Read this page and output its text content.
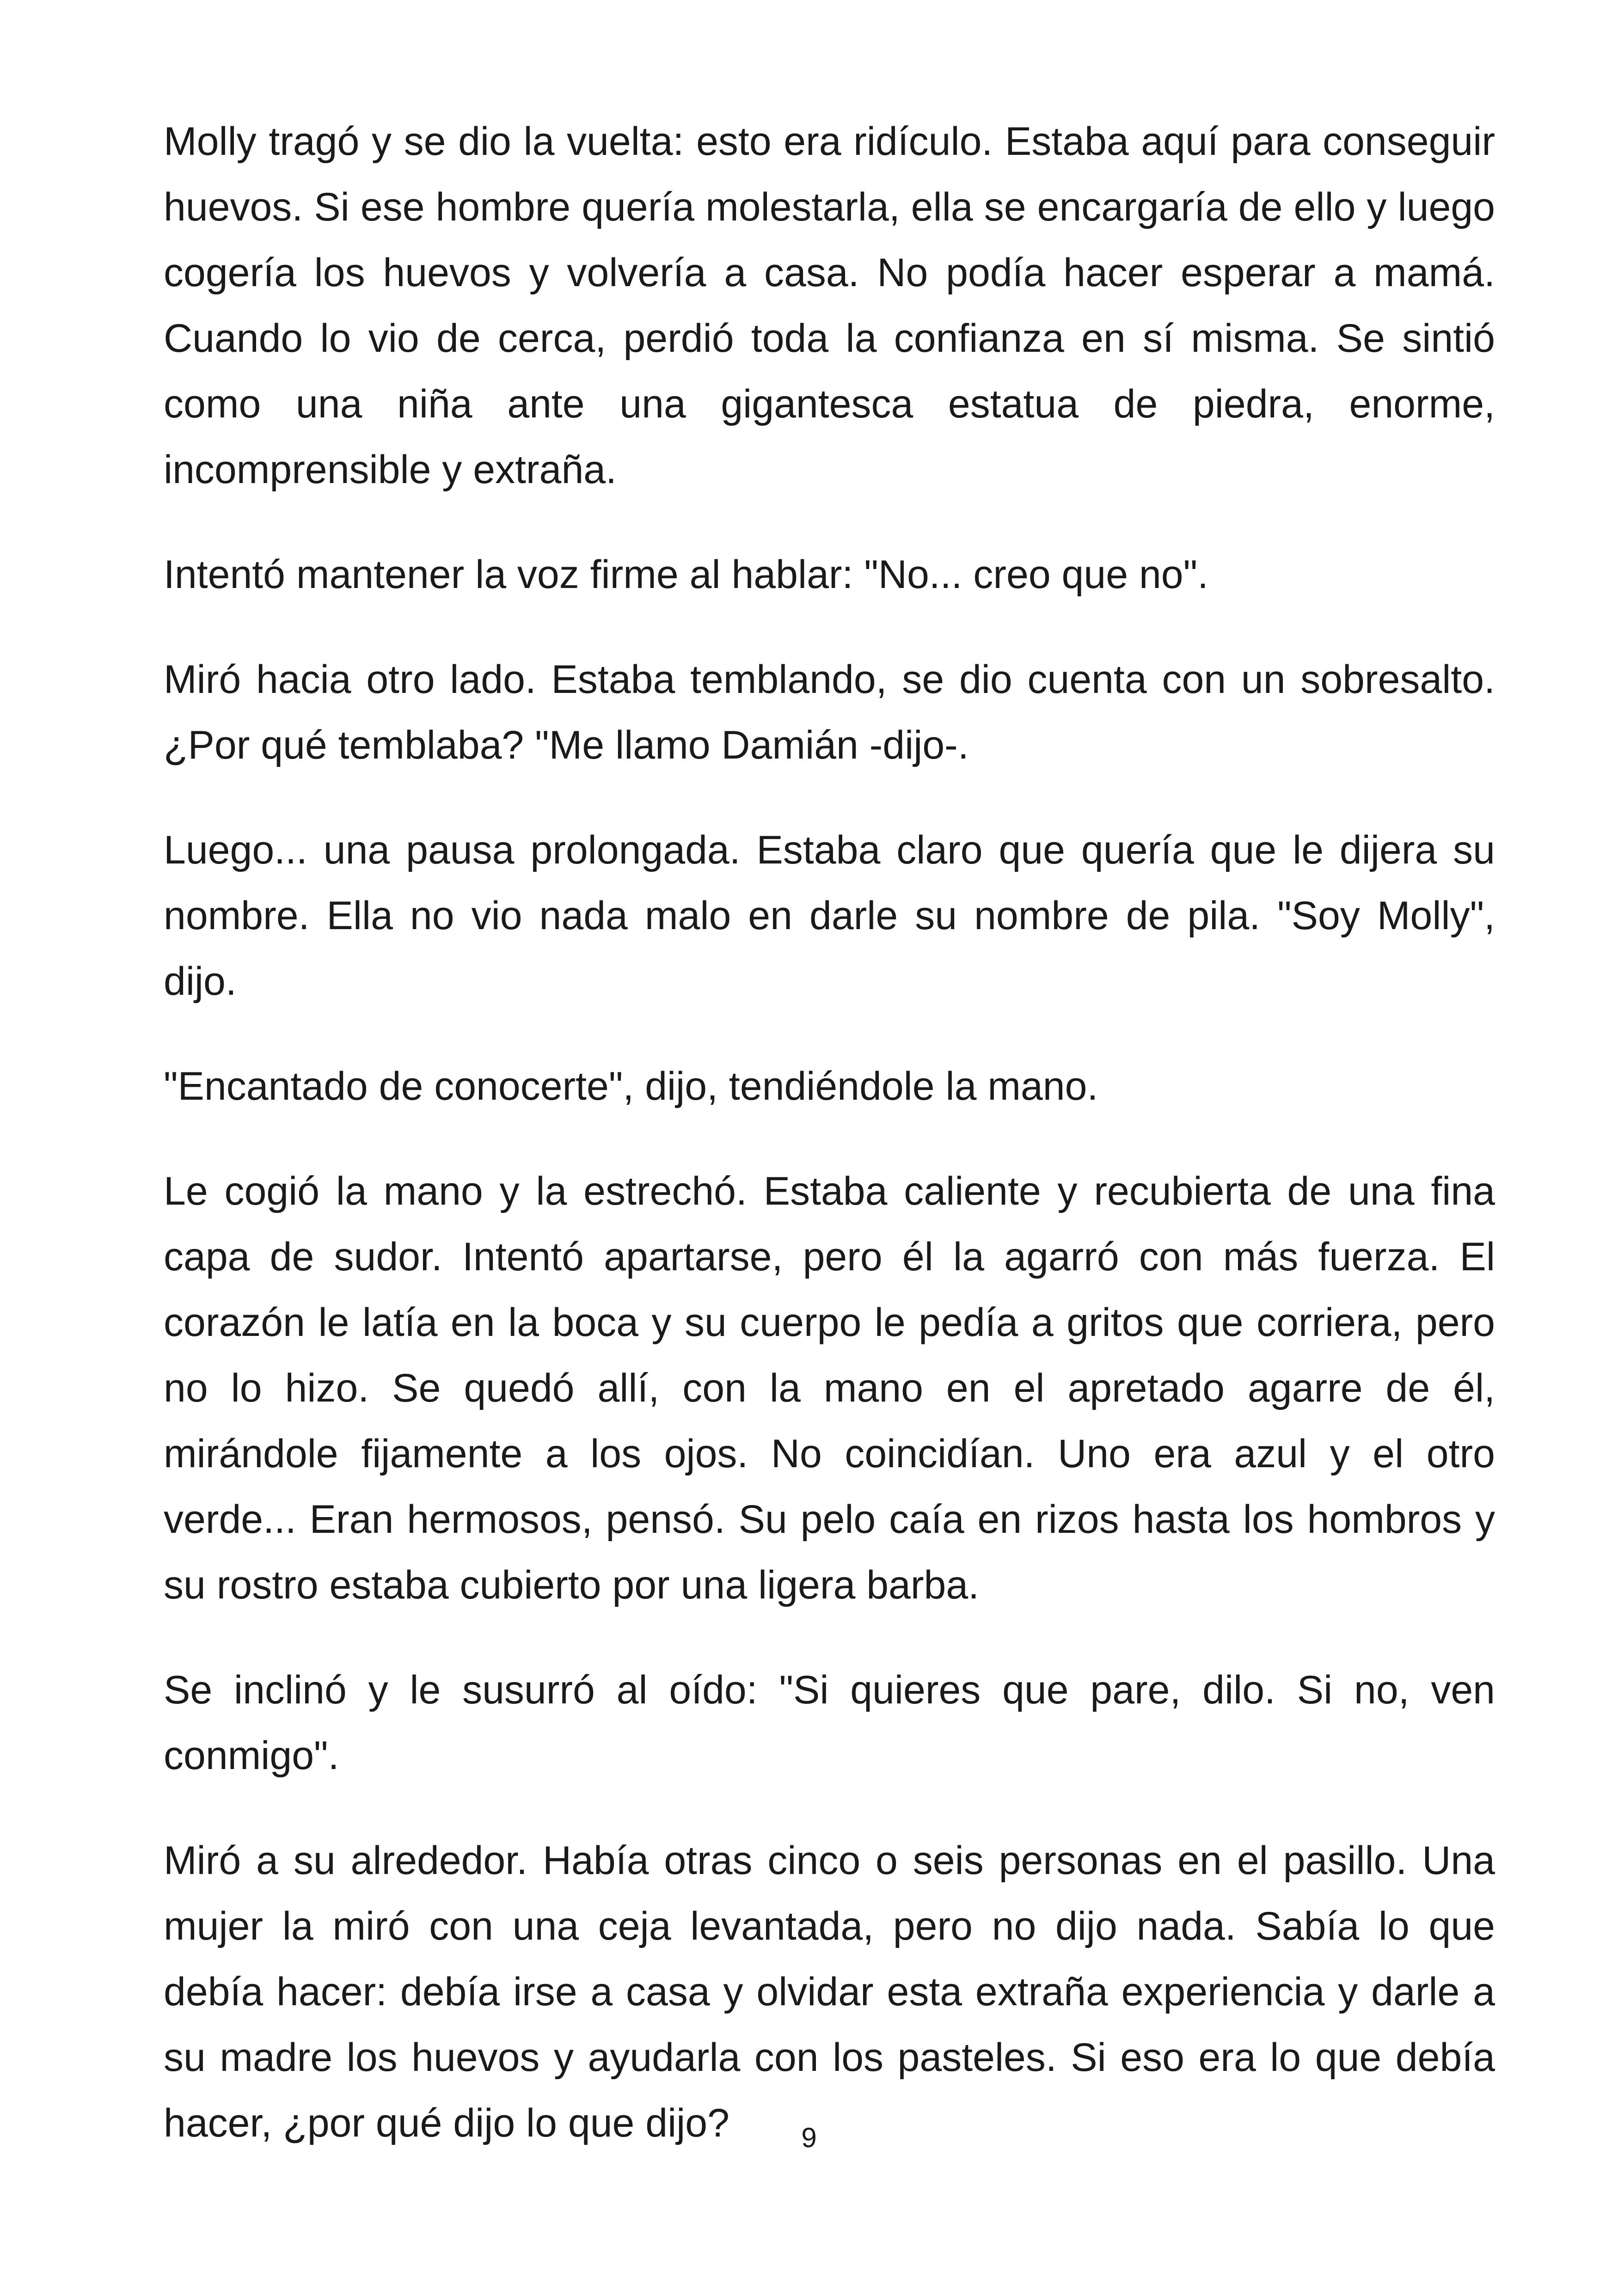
Molly tragó y se dio la vuelta: esto era ridículo. Estaba aquí para conseguir huevos. Si ese hombre quería molestarla, ella se encargaría de ello y luego cogería los huevos y volvería a casa. No podía hacer esperar a mamá. Cuando lo vio de cerca, perdió toda la confianza en sí misma. Se sintió como una niña ante una gigantesca estatua de piedra, enorme, incomprensible y extraña.

Intentó mantener la voz firme al hablar: "No... creo que no".

Miró hacia otro lado. Estaba temblando, se dio cuenta con un sobresalto. ¿Por qué temblaba? "Me llamo Damián -dijo-.

Luego... una pausa prolongada. Estaba claro que quería que le dijera su nombre. Ella no vio nada malo en darle su nombre de pila. "Soy Molly", dijo.

"Encantado de conocerte", dijo, tendiéndole la mano.

Le cogió la mano y la estrechó. Estaba caliente y recubierta de una fina capa de sudor. Intentó apartarse, pero él la agarró con más fuerza. El corazón le latía en la boca y su cuerpo le pedía a gritos que corriera, pero no lo hizo. Se quedó allí, con la mano en el apretado agarre de él, mirándole fijamente a los ojos. No coincidían. Uno era azul y el otro verde... Eran hermosos, pensó. Su pelo caía en rizos hasta los hombros y su rostro estaba cubierto por una ligera barba.

Se inclinó y le susurró al oído: "Si quieres que pare, dilo. Si no, ven conmigo".

Miró a su alrededor. Había otras cinco o seis personas en el pasillo. Una mujer la miró con una ceja levantada, pero no dijo nada. Sabía lo que debía hacer: debía irse a casa y olvidar esta extraña experiencia y darle a su madre los huevos y ayudarla con los pasteles. Si eso era lo que debía hacer, ¿por qué dijo lo que dijo?	9
